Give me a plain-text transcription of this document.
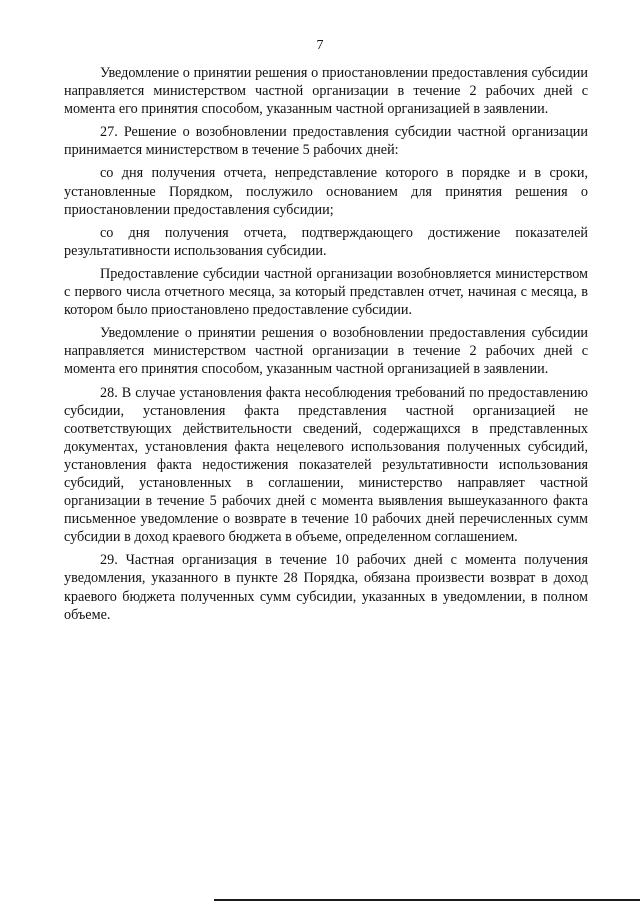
7

Уведомление о принятии решения о приостановлении предоставления субсидии направляется министерством частной организации в течение 2 рабочих дней с момента его принятия способом, указанным частной организацией в заявлении.

27. Решение о возобновлении предоставления субсидии частной организации принимается министерством в течение 5 рабочих дней:

со дня получения отчета, непредставление которого в порядке и в сроки, установленные Порядком, послужило основанием для принятия решения о приостановлении предоставления субсидии;

со дня получения отчета, подтверждающего достижение показателей результативности использования субсидии.

Предоставление субсидии частной организации возобновляется министерством с первого числа отчетного месяца, за который представлен отчет, начиная с месяца, в котором было приостановлено предоставление субсидии.

Уведомление о принятии решения о возобновлении предоставления субсидии направляется министерством частной организации в течение 2 рабочих дней с момента его принятия способом, указанным частной организацией в заявлении.

28. В случае установления факта несоблюдения требований по предоставлению субсидии, установления факта представления частной организацией не соответствующих действительности сведений, содержащихся в представленных документах, установления факта нецелевого использования полученных субсидий, установления факта недостижения показателей результативности использования субсидий, установленных в соглашении, министерство направляет частной организации в течение 5 рабочих дней с момента выявления вышеуказанного факта письменное уведомление о возврате в течение 10 рабочих дней перечисленных сумм субсидии в доход краевого бюджета в объеме, определенном соглашением.

29. Частная организация в течение 10 рабочих дней с момента получения уведомления, указанного в пункте 28 Порядка, обязана произвести возврат в доход краевого бюджета полученных сумм субсидии, указанных в уведомлении, в полном объеме.
